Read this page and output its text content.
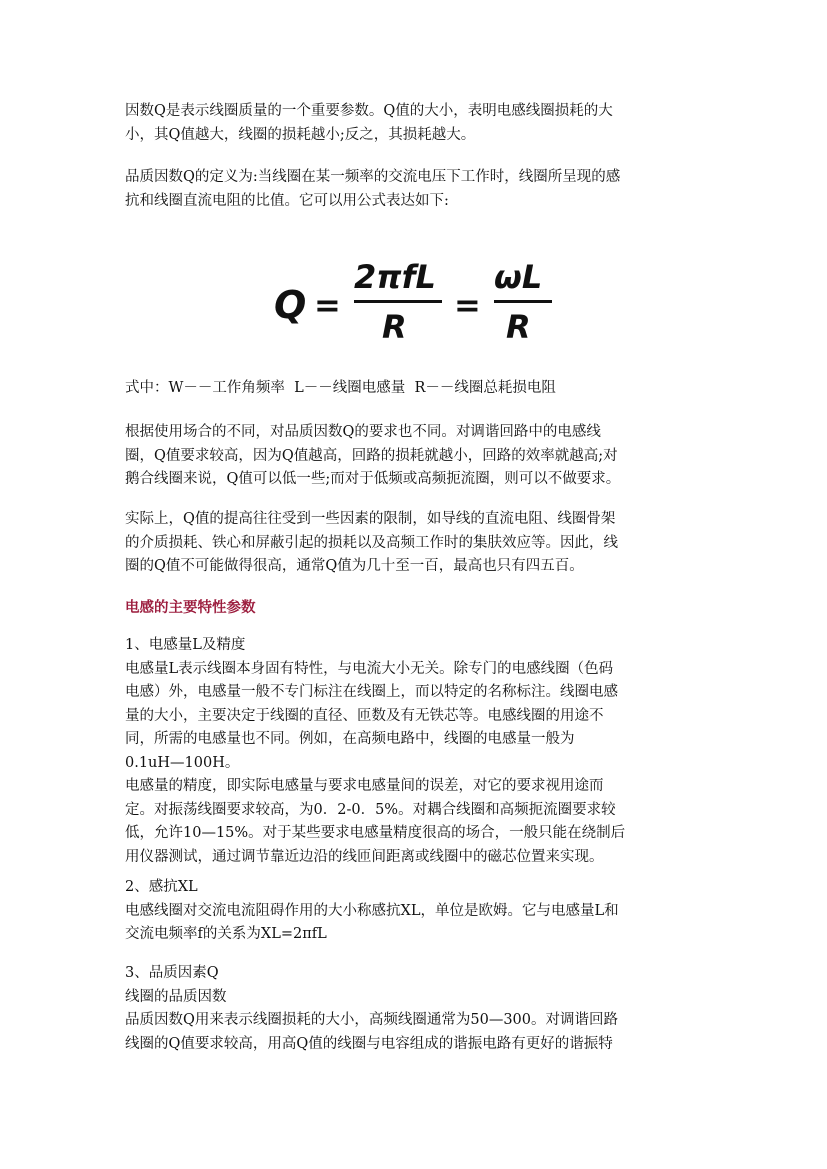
因数Q是表示线圈质量的一个重要参数。Q值的大小，表明电感线圈损耗的大
小，其Q值越大，线圈的损耗越小;反之，其损耗越大。
品质因数Q的定义为:当线圈在某一频率的交流电压下工作时，线圈所呈现的感
抗和线圈直流电阻的比值。它可以用公式表达如下:
Q =
2πfL
R
=
ωL
R
式中：W－－工作角频率  L－－线圈电感量  R－－线圈总耗损电阻
根据使用场合的不同，对品质因数Q的要求也不同。对调谐回路中的电感线
圈，Q值要求较高，因为Q值越高，回路的损耗就越小，回路的效率就越高;对
鹅合线圈来说，Q值可以低一些;而对于低频或高频扼流圈，则可以不做要求。
实际上，Q值的提高往往受到一些因素的限制，如导线的直流电阻、线圈骨架
的介质损耗、铁心和屏蔽引起的损耗以及高频工作时的集肤效应等。因此，线
圈的Q值不可能做得很高，通常Q值为几十至一百，最高也只有四五百。
电感的主要特性参数
1、电感量L及精度
电感量L表示线圈本身固有特性，与电流大小无关。除专门的电感线圈（色码
电感）外，电感量一般不专门标注在线圈上，而以特定的名称标注。线圈电感
量的大小，主要决定于线圈的直径、匝数及有无铁芯等。电感线圈的用途不
同，所需的电感量也不同。例如，在高频电路中，线圈的电感量一般为
0.1uH—100H。
电感量的精度，即实际电感量与要求电感量间的误差，对它的要求视用途而
定。对振荡线圈要求较高，为0．2-0．5%。对耦合线圈和高频扼流圈要求较
低，允许10—15%。对于某些要求电感量精度很高的场合，一般只能在绕制后
用仪器测试，通过调节靠近边沿的线匝间距离或线圈中的磁芯位置来实现。
2、感抗XL
电感线圈对交流电流阻碍作用的大小称感抗XL，单位是欧姆。它与电感量L和
交流电频率f的关系为XL=2πfL
3、品质因素Q
线圈的品质因数
品质因数Q用来表示线圈损耗的大小，高频线圈通常为50—300。对调谐回路
线圈的Q值要求较高，用高Q值的线圈与电容组成的谐振电路有更好的谐振特
